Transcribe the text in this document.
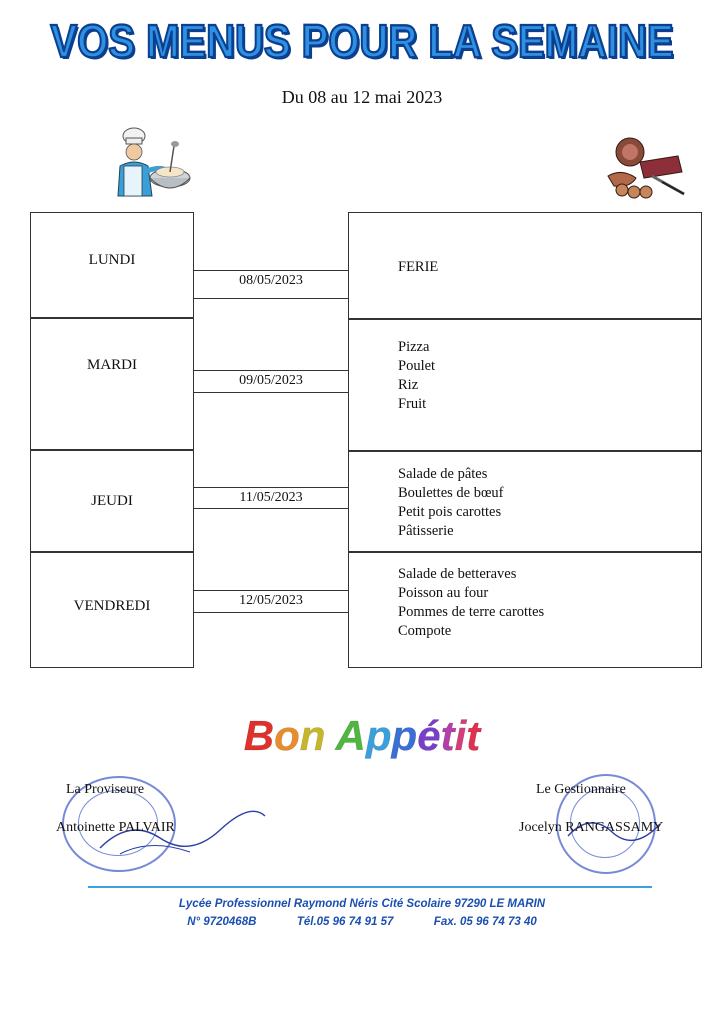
VOS MENUS POUR LA SEMAINE
Du 08 au 12 mai 2023
LUNDI
MARDI
JEUDI
VENDREDI
08/05/2023
09/05/2023
11/05/2023
12/05/2023
FERIE
Pizza
Poulet
Riz
Fruit
Salade de pâtes
Boulettes de bœuf
Petit pois carottes
Pâtisserie
Salade de betteraves
Poisson au four
Pommes de terre carottes
Compote
Bon Appétit
La Proviseure
Antoinette PALVAIR
Le Gestionnaire
Jocelyn RANGASSAMY
Lycée Professionnel Raymond Néris Cité Scolaire 97290 LE MARIN
N° 9720468B	Tél.05 96 74 91 57	Fax. 05 96 74 73 40
